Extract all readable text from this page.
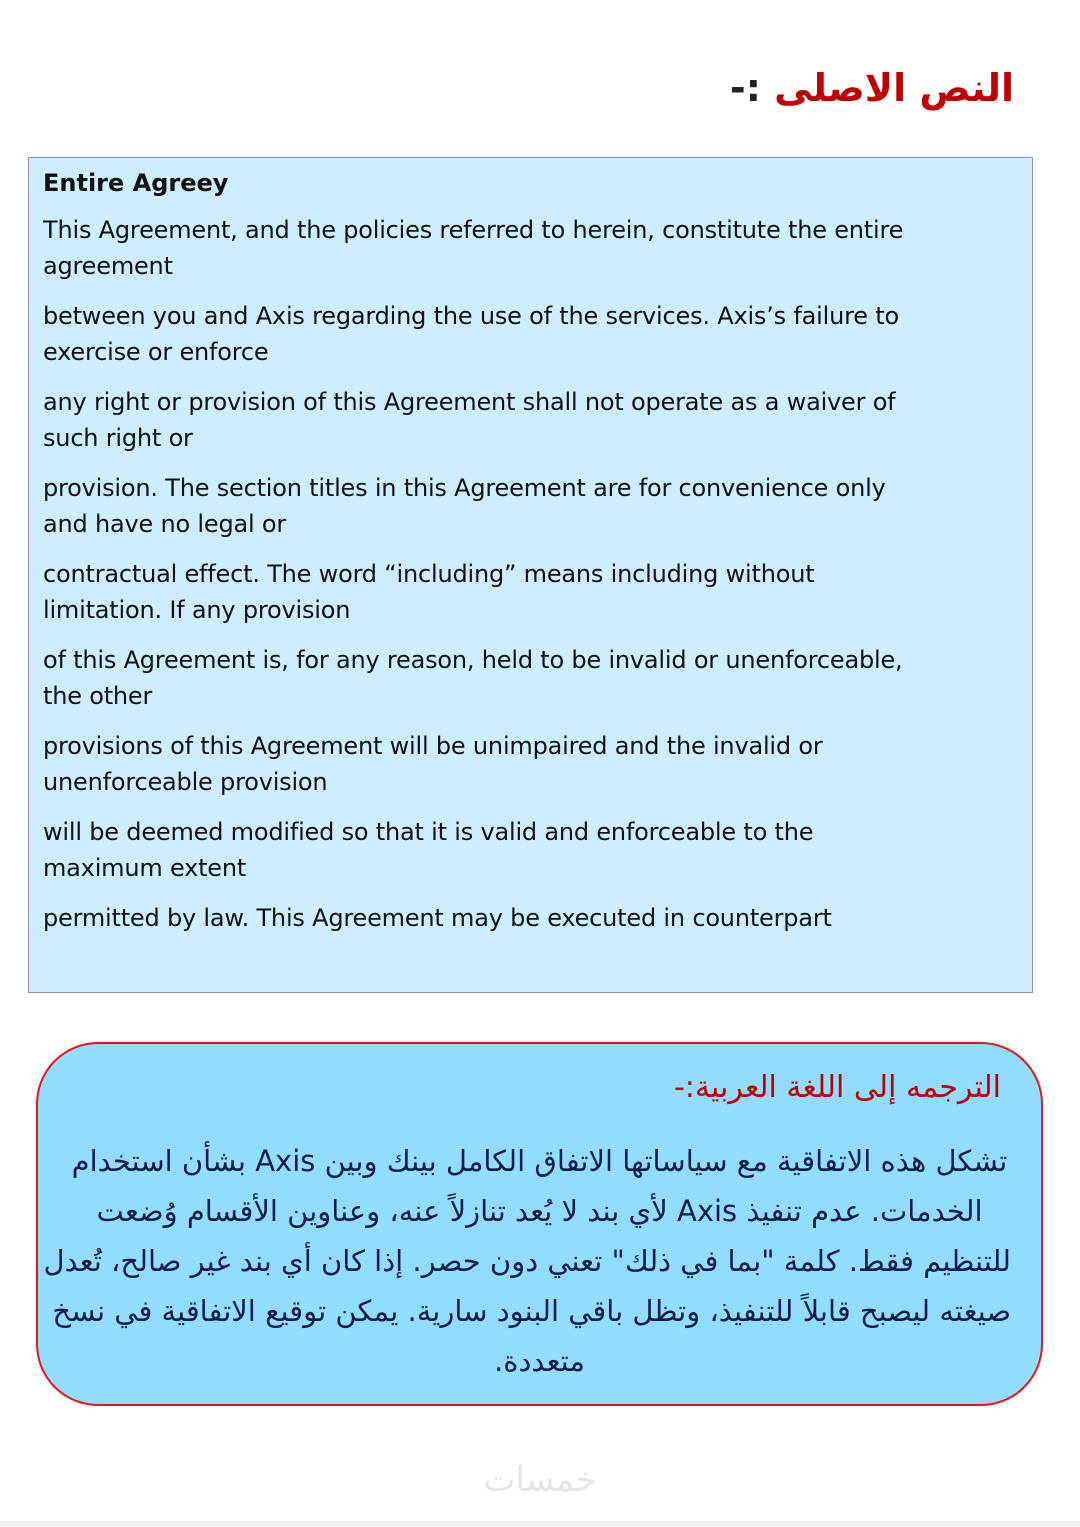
النص الاصلى :-
Entire Agreey
This Agreement, and the policies referred to herein, constitute the entire
agreement
between you and Axis regarding the use of the services. Axis’s failure to
exercise or enforce
any right or provision of this Agreement shall not operate as a waiver of
such right or
provision. The section titles in this Agreement are for convenience only
and have no legal or
contractual effect. The word “including” means including without
limitation. If any provision
of this Agreement is, for any reason, held to be invalid or unenforceable,
the other
provisions of this Agreement will be unimpaired and the invalid or
unenforceable provision
will be deemed modified so that it is valid and enforceable to the
maximum extent
permitted by law. This Agreement may be executed in counterpart
الترجمه إلى اللغة العربية:-
تشكل هذه الاتفاقية مع سياساتها الاتفاق الكامل بينك وبين Axis بشأن استخدام
الخدمات. عدم تنفيذ Axis لأي بند لا يُعد تنازلاً عنه، وعناوين الأقسام وُضعت
للتنظيم فقط. كلمة "بما في ذلك" تعني دون حصر. إذا كان أي بند غير صالح، تُعدل
صيغته ليصبح قابلاً للتنفيذ، وتظل باقي البنود سارية. يمكن توقيع الاتفاقية في نسخ
متعددة.
خمسات
